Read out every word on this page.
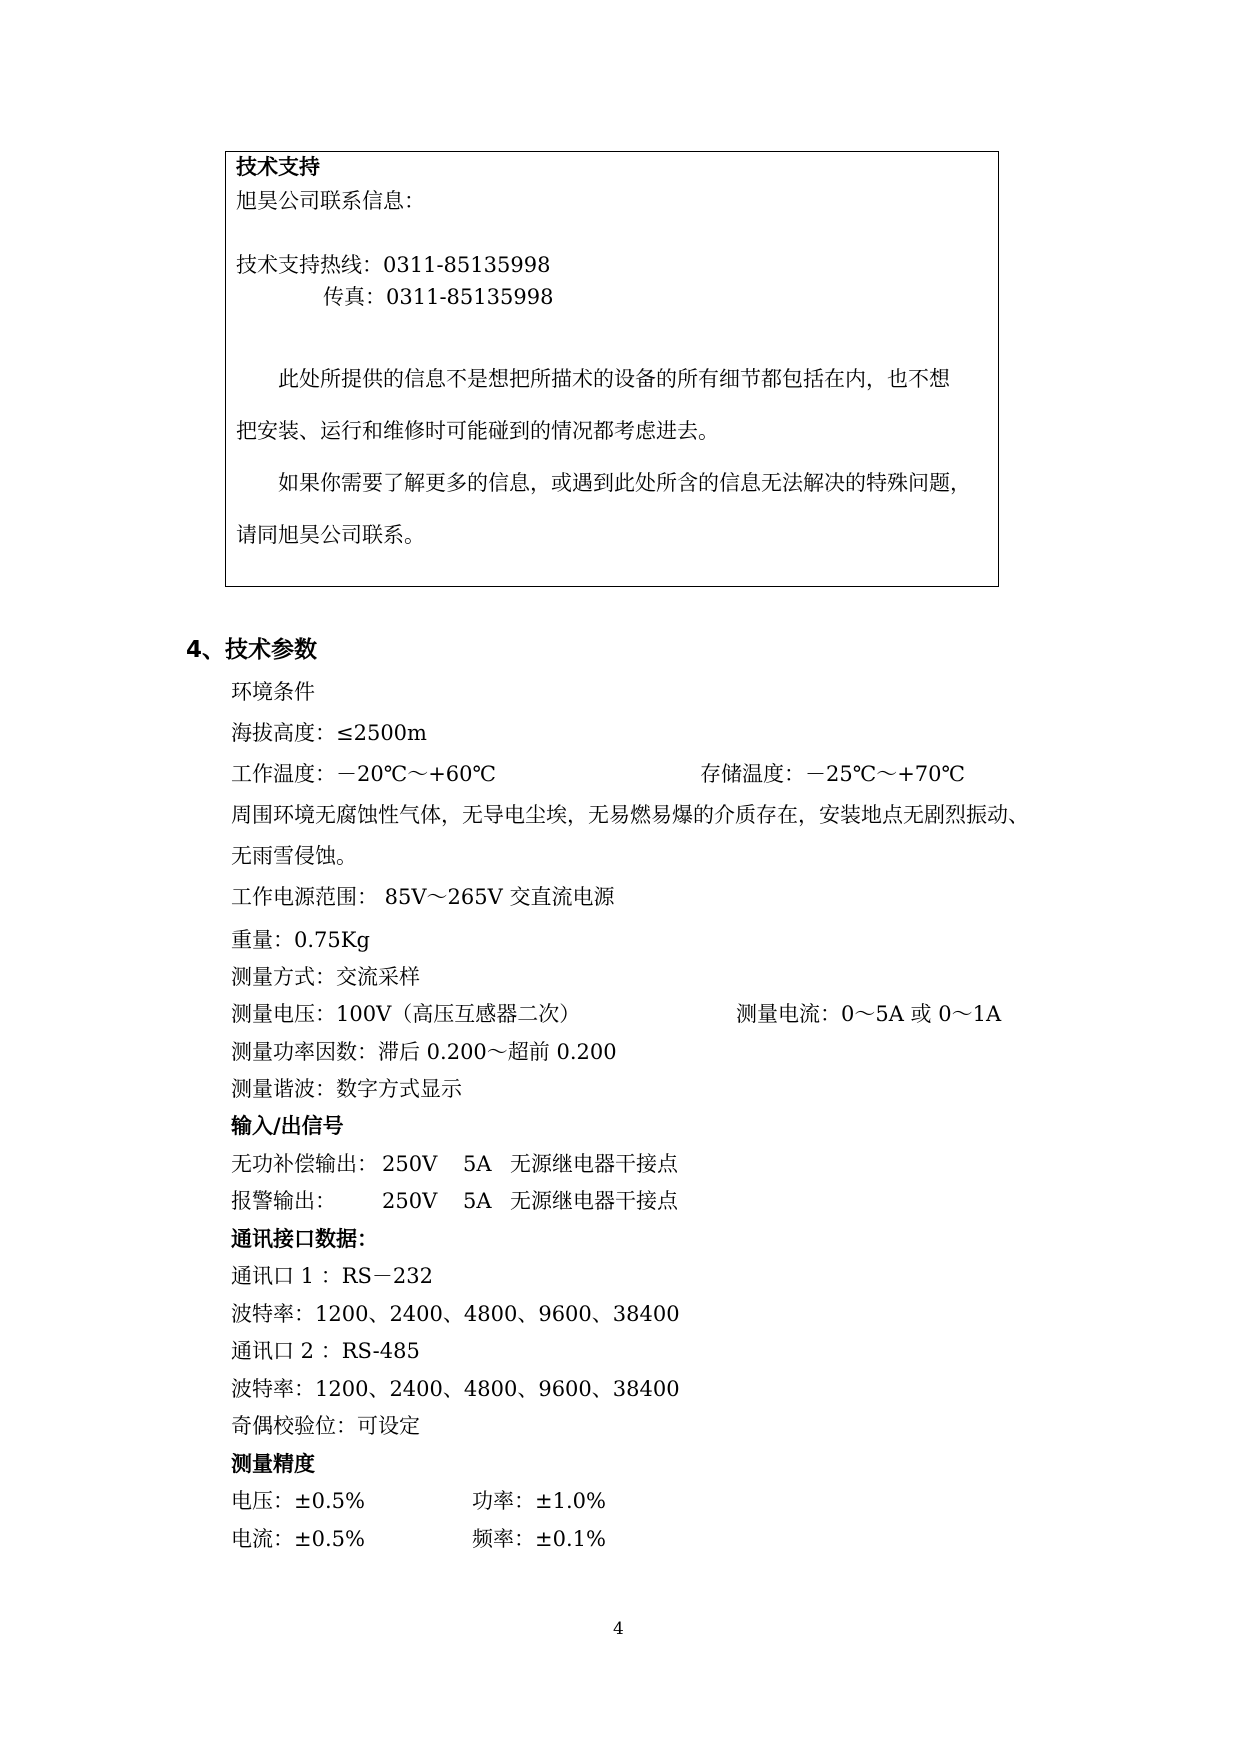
技术支持
旭昊公司联系信息：
技术支持热线：0311-85135998
传真：0311-85135998
此处所提供的信息不是想把所描术的设备的所有细节都包括在内，也不想
把安装、运行和维修时可能碰到的情况都考虑进去。
如果你需要了解更多的信息，或遇到此处所含的信息无法解决的特殊问题，
请同旭昊公司联系。
4、技术参数
环境条件
海拔高度：≤2500m
工作温度：－20℃～+60℃	存储温度：－25℃～+70℃
周围环境无腐蚀性气体，无导电尘埃，无易燃易爆的介质存在，安装地点无剧烈振动、
无雨雪侵蚀。
工作电源范围： 85V～265V 交直流电源
重量：0.75Kg
测量方式：交流采样
测量电压：100V（高压互感器二次）	测量电流：0～5A 或 0～1A
测量功率因数：滞后 0.200～超前 0.200
测量谐波：数字方式显示
输入/出信号
无功补偿输出： 250V 5A 无源继电器干接点
报警输出： 250V 5A 无源继电器干接点
通讯接口数据：
通讯口 1 ：RS－232
波特率：1200、2400、4800、9600、38400
通讯口 2 ：RS-485
波特率：1200、2400、4800、9600、38400
奇偶校验位：可设定
测量精度
电压：±0.5%	功率：±1.0%
电流：±0.5%	频率：±0.1%
4
